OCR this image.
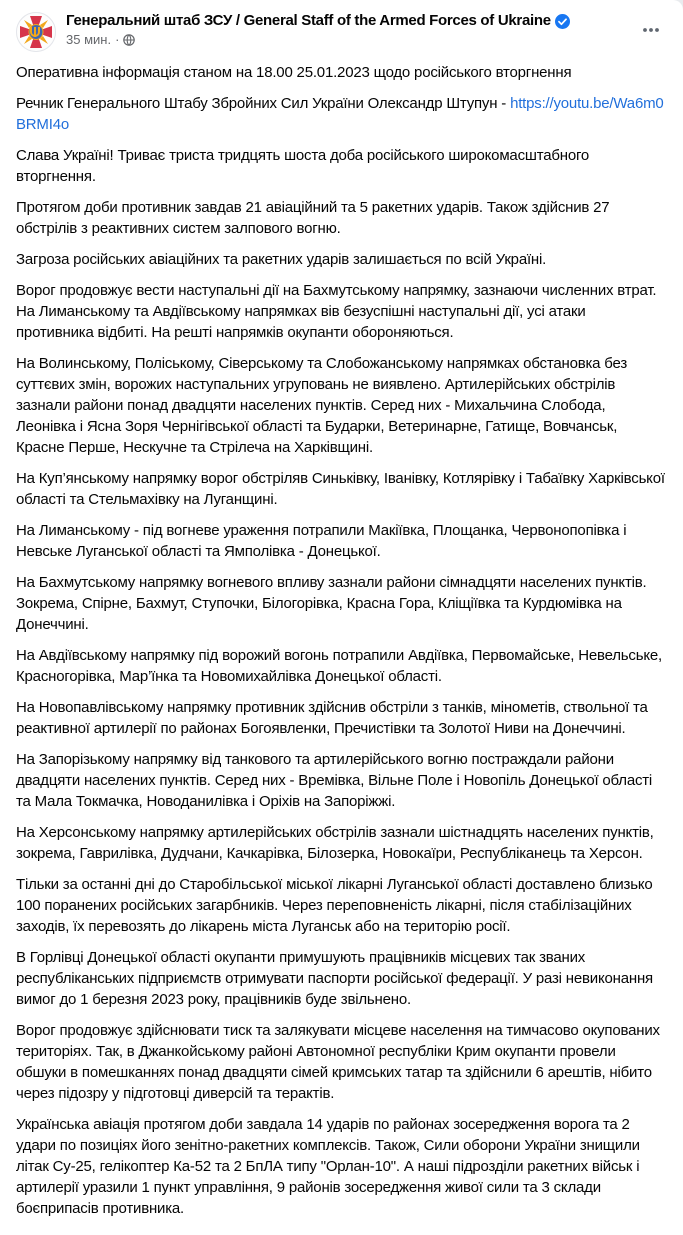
Генеральний штаб ЗСУ / General Staff of the Armed Forces of Ukraine
35 мин. ·

Оперативна інформація станом на 18.00 25.01.2023 щодо російського вторгнення

Речник Генерального Штабу Збройних Сил України Олександр Штупун - https://youtu.be/Wa6m0BRMI4o

Слава Україні! Триває триста тридцять шоста доба російського широкомасштабного вторгнення.

Протягом доби противник завдав 21 авіаційний та 5 ракетних ударів. Також здійснив 27 обстрілів з реактивних систем залпового вогню.

Загроза російських авіаційних та ракетних ударів залишається по всій Україні.

Ворог продовжує вести наступальні дії на Бахмутському напрямку, зазнаючи численних втрат. На Лиманському та Авдіївському напрямках вів безуспішні наступальні дії, усі атаки противника відбиті. На решті напрямків окупанти обороняються.

На Волинському, Поліському, Сіверському та Слобожанському напрямках обстановка без суттєвих змін, ворожих наступальних угруповань не виявлено. Артилерійських обстрілів зазнали райони понад двадцяти населених пунктів. Серед них - Михальчина Слобода, Леонівка і Ясна Зоря Чернігівської області та Бударки, Ветеринарне, Гатище, Вовчанськ, Красне Перше, Нескучне та Стрілеча на Харківщині.

На Куп’янському напрямку ворог обстріляв Синьківку, Іванівку, Котлярівку і Табаївку Харківської області та Стельмахівку на Луганщині.

На Лиманському - під вогневе ураження потрапили Макіївка, Площанка, Червонопопівка і Невське Луганської області та Ямполівка - Донецької.

На Бахмутському напрямку вогневого впливу зазнали райони сімнадцяти населених пунктів. Зокрема, Спірне, Бахмут, Ступочки, Білогорівка, Красна Гора, Кліщіївка та Курдюмівка на Донеччині.

На Авдіївському напрямку під ворожий вогонь потрапили Авдіївка, Первомайське, Невельське, Красногорівка, Мар’їнка та Новомихайлівка Донецької області.

На Новопавлівському напрямку противник здійснив обстріли з танків, мінометів, ствольної та реактивної артилерії по районах Богоявленки, Пречистівки та Золотої Ниви на Донеччині.

На Запорізькому напрямку від танкового та артилерійського вогню постраждали райони двадцяти населених пунктів. Серед них - Времівка, Вільне Поле і Новопіль Донецької області та Мала Токмачка, Новоданилівка і Оріхів на Запоріжжі.

На Херсонському напрямку артилерійських обстрілів зазнали шістнадцять населених пунктів, зокрема, Гаврилівка, Дудчани, Качкарівка, Білозерка, Новокаїри, Республіканець та Херсон.

Тільки за останні дні до Старобільської міської лікарні Луганської області доставлено близько 100 поранених російських загарбників. Через переповненість лікарні, після стабілізаційних заходів, їх перевозять до лікарень міста Луганськ або на територію росії.

В Горлівці Донецької області окупанти примушують працівників місцевих так званих республіканських підприємств отримувати паспорти російської федерації. У разі невиконання вимог до 1 березня 2023 року, працівників буде звільнено.

Ворог продовжує здійснювати тиск та залякувати місцеве населення на тимчасово окупованих територіях. Так, в Джанкойському районі Автономної республіки Крим окупанти провели обшуки в помешканнях понад двадцяти сімей кримських татар та здійснили 6 арештів, нібито через підозру у підготовці диверсій та терактів.

Українська авіація протягом доби завдала 14 ударів по районах зосередження ворога та 2 удари по позиціях його зенітно-ракетних комплексів. Також, Сили оборони України знищили літак Су-25, гелікоптер Ка-52 та 2 БпЛА типу "Орлан-10". А наші підрозділи ракетних військ і артилерії уразили 1 пункт управління, 9 районів зосередження живої сили та 3 склади боєприпасів противника.
